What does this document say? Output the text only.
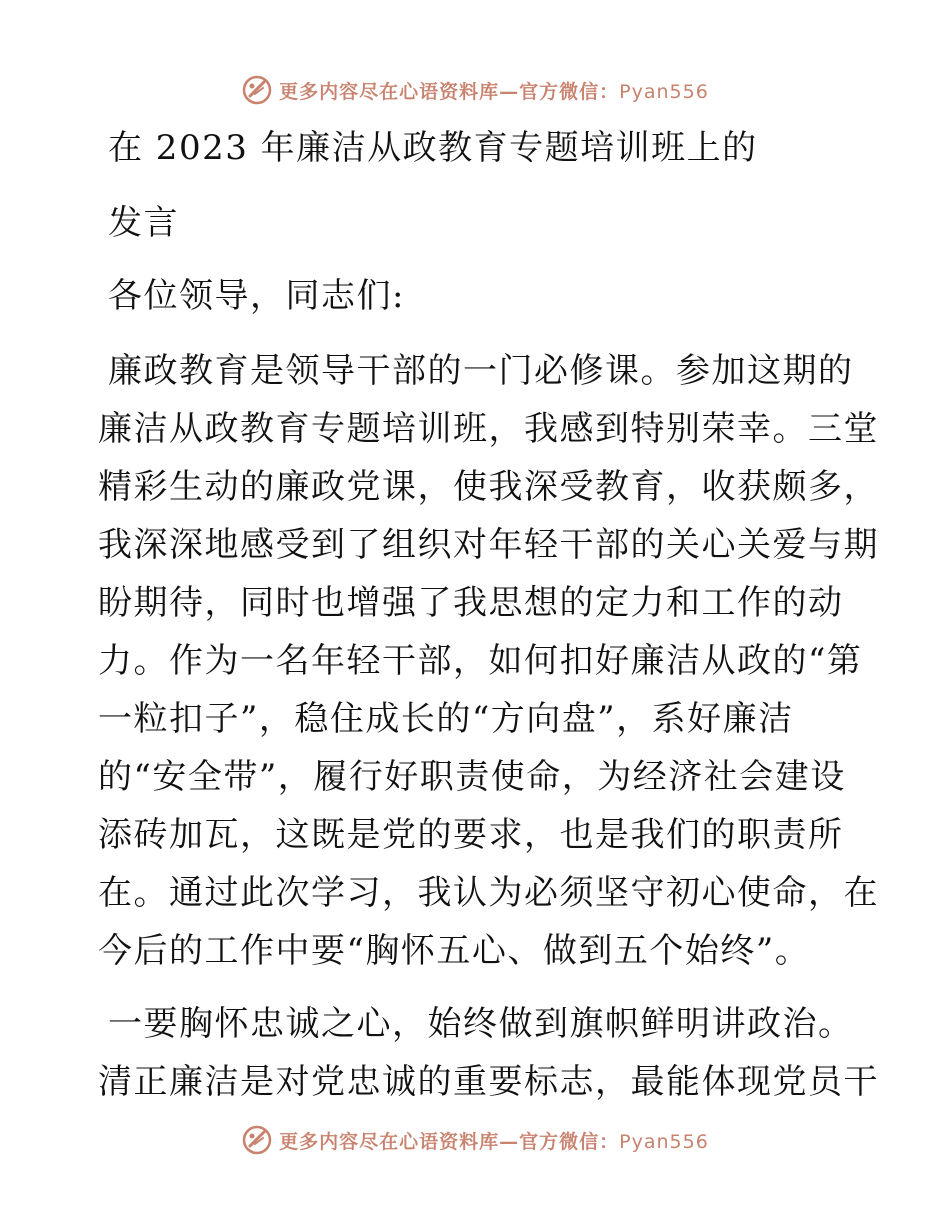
更多内容尽在心语资料库—官方微信：Pyan556
在 2023 年廉洁从政教育专题培训班上的
发言
各位领导，同志们:
廉政教育是领导干部的一门必修课。参加这期的
廉洁从政教育专题培训班，我感到特别荣幸。三堂
精彩生动的廉政党课，使我深受教育，收获颇多，
我深深地感受到了组织对年轻干部的关心关爱与期
盼期待，同时也增强了我思想的定力和工作的动
力。作为一名年轻干部，如何扣好廉洁从政的“第
一粒扣子”，稳住成长的“方向盘”，系好廉洁
的“安全带”，履行好职责使命，为经济社会建设
添砖加瓦，这既是党的要求，也是我们的职责所
在。通过此次学习，我认为必须坚守初心使命，在
今后的工作中要“胸怀五心、做到五个始终”。
一要胸怀忠诚之心，始终做到旗帜鲜明讲政治。
清正廉洁是对党忠诚的重要标志，最能体现党员干
更多内容尽在心语资料库—官方微信：Pyan556
